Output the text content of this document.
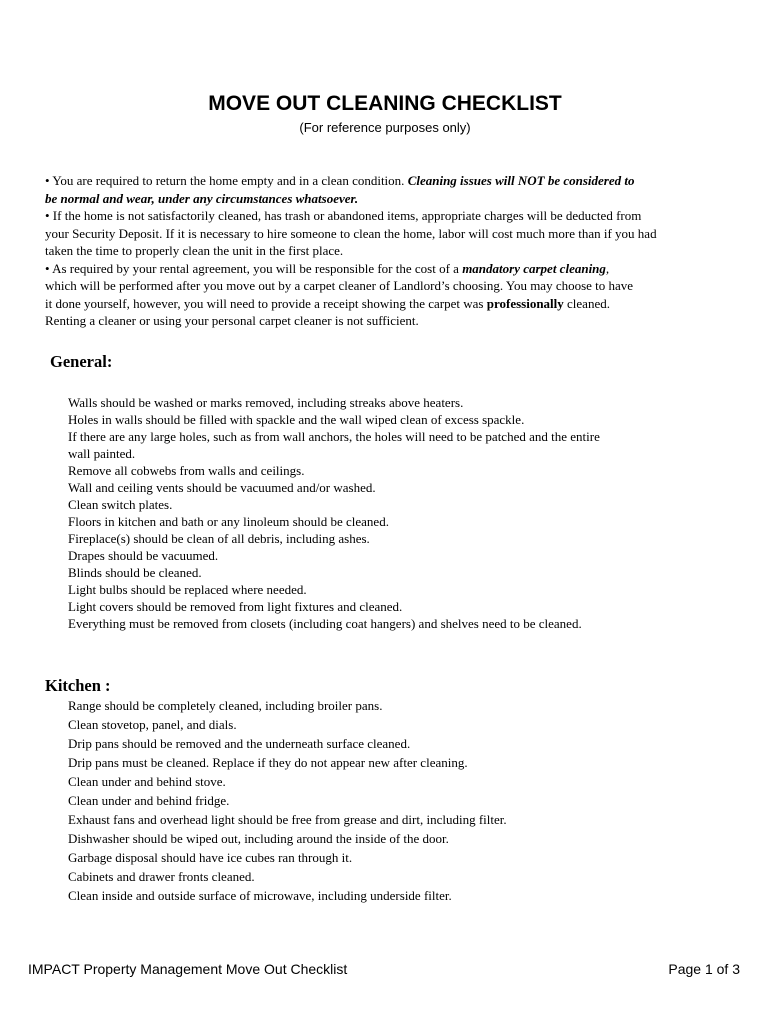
MOVE OUT CLEANING CHECKLIST
(For reference purposes only)
• You are required to return the home empty and in a clean condition. Cleaning issues will NOT be considered to
be normal and wear, under any circumstances whatsoever.
• If the home is not satisfactorily cleaned, has trash or abandoned items, appropriate charges will be deducted from
your Security Deposit. If it is necessary to hire someone to clean the home, labor will cost much more than if you had
taken the time to properly clean the unit in the first place.
• As required by your rental agreement, you will be responsible for the cost of a mandatory carpet cleaning,
which will be performed after you move out by a carpet cleaner of Landlord’s choosing. You may choose to have
it done yourself, however, you will need to provide a receipt showing the carpet was professionally cleaned.
Renting a cleaner or using your personal carpet cleaner is not sufficient.
General:
Walls should be washed or marks removed, including streaks above heaters.
Holes in walls should be filled with spackle and the wall wiped clean of excess spackle.
If there are any large holes, such as from wall anchors, the holes will need to be patched and the entire
wall painted.
Remove all cobwebs from walls and ceilings.
Wall and ceiling vents should be vacuumed and/or washed.
Clean switch plates.
Floors in kitchen and bath or any linoleum should be cleaned.
Fireplace(s) should be clean of all debris, including ashes.
Drapes should be vacuumed.
Blinds should be cleaned.
Light bulbs should be replaced where needed.
Light covers should be removed from light fixtures and cleaned.
Everything must be removed from closets (including coat hangers) and shelves need to be cleaned.
Kitchen :
Range should be completely cleaned, including broiler pans.
Clean stovetop, panel, and dials.
Drip pans should be removed and the underneath surface cleaned.
Drip pans must be cleaned. Replace if they do not appear new after cleaning.
Clean under and behind stove.
Clean under and behind fridge.
Exhaust fans and overhead light should be free from grease and dirt, including filter.
Dishwasher should be wiped out, including around the inside of the door.
Garbage disposal should have ice cubes ran through it.
Cabinets and drawer fronts cleaned.
Clean inside and outside surface of microwave, including underside filter.
IMPACT Property Management Move Out Checklist	Page 1 of 3
